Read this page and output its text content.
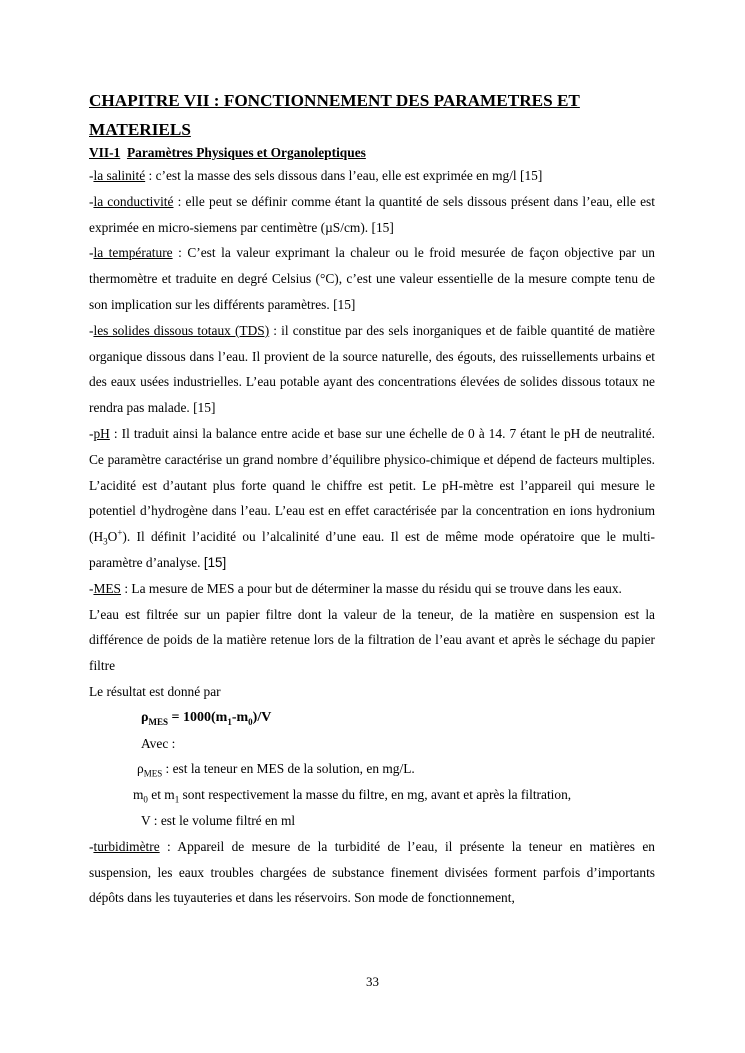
CHAPITRE VII : FONCTIONNEMENT DES PARAMETRES ET
MATERIELS
VII-1 Paramètres Physiques et Organoleptiques

-la salinité : c’est la masse des sels dissous dans l’eau, elle est exprimée en mg/l [15]

-la conductivité : elle peut se définir comme étant la quantité de sels dissous présent dans l’eau, elle est exprimée en micro-siemens par centimètre (µS/cm). [15]

-la température : C’est la valeur exprimant la chaleur ou le froid mesurée de façon objective par un thermomètre et traduite en degré Celsius (°C), c’est une valeur essentielle de la mesure compte tenu de son implication sur les différents paramètres. [15]

-les solides dissous totaux (TDS) : il constitue par des sels inorganiques et de faible quantité de matière organique dissous dans l’eau. Il provient de la source naturelle, des égouts, des ruissellements urbains et des eaux usées industrielles. L’eau potable ayant des concentrations élevées de solides dissous totaux ne rendra pas malade. [15]

-pH : Il traduit ainsi la balance entre acide et base sur une échelle de 0 à 14. 7 étant le pH de neutralité. Ce paramètre caractérise un grand nombre d’équilibre physico-chimique et dépend de facteurs multiples. L’acidité est d’autant plus forte quand le chiffre est petit. Le pH-mètre est l’appareil qui mesure le potentiel d’hydrogène dans l’eau. L’eau est en effet caractérisée par la concentration en ions hydronium $(H_3O^+)$. Il définit l’acidité ou l’alcalinité d’une eau. Il est de même mode opératoire que le multi-paramètre d’analyse. [15]

-MES : La mesure de MES a pour but de déterminer la masse du résidu qui se trouve dans les eaux.

L’eau est filtrée sur un papier filtre dont la valeur de la teneur, de la matière en suspension est la différence de poids de la matière retenue lors de la filtration de l’eau avant et après le séchage du papier filtre

Le résultat est donné par

$\rho_{MES} = 1000(m_1-m_0)/V$

Avec :

$\rho_{MES}$ : est la teneur en MES de la solution, en mg/L.

$m_0$ et $m_1$ sont respectivement la masse du filtre, en mg, avant et après la filtration,

V : est le volume filtré en ml

-turbidimètre : Appareil de mesure de la turbidité de l’eau, il présente la teneur en matières en suspension, les eaux troubles chargées de substance finement divisées forment parfois d’importants dépôts dans les tuyauteries et dans les réservoirs. Son mode de fonctionnement,

33
